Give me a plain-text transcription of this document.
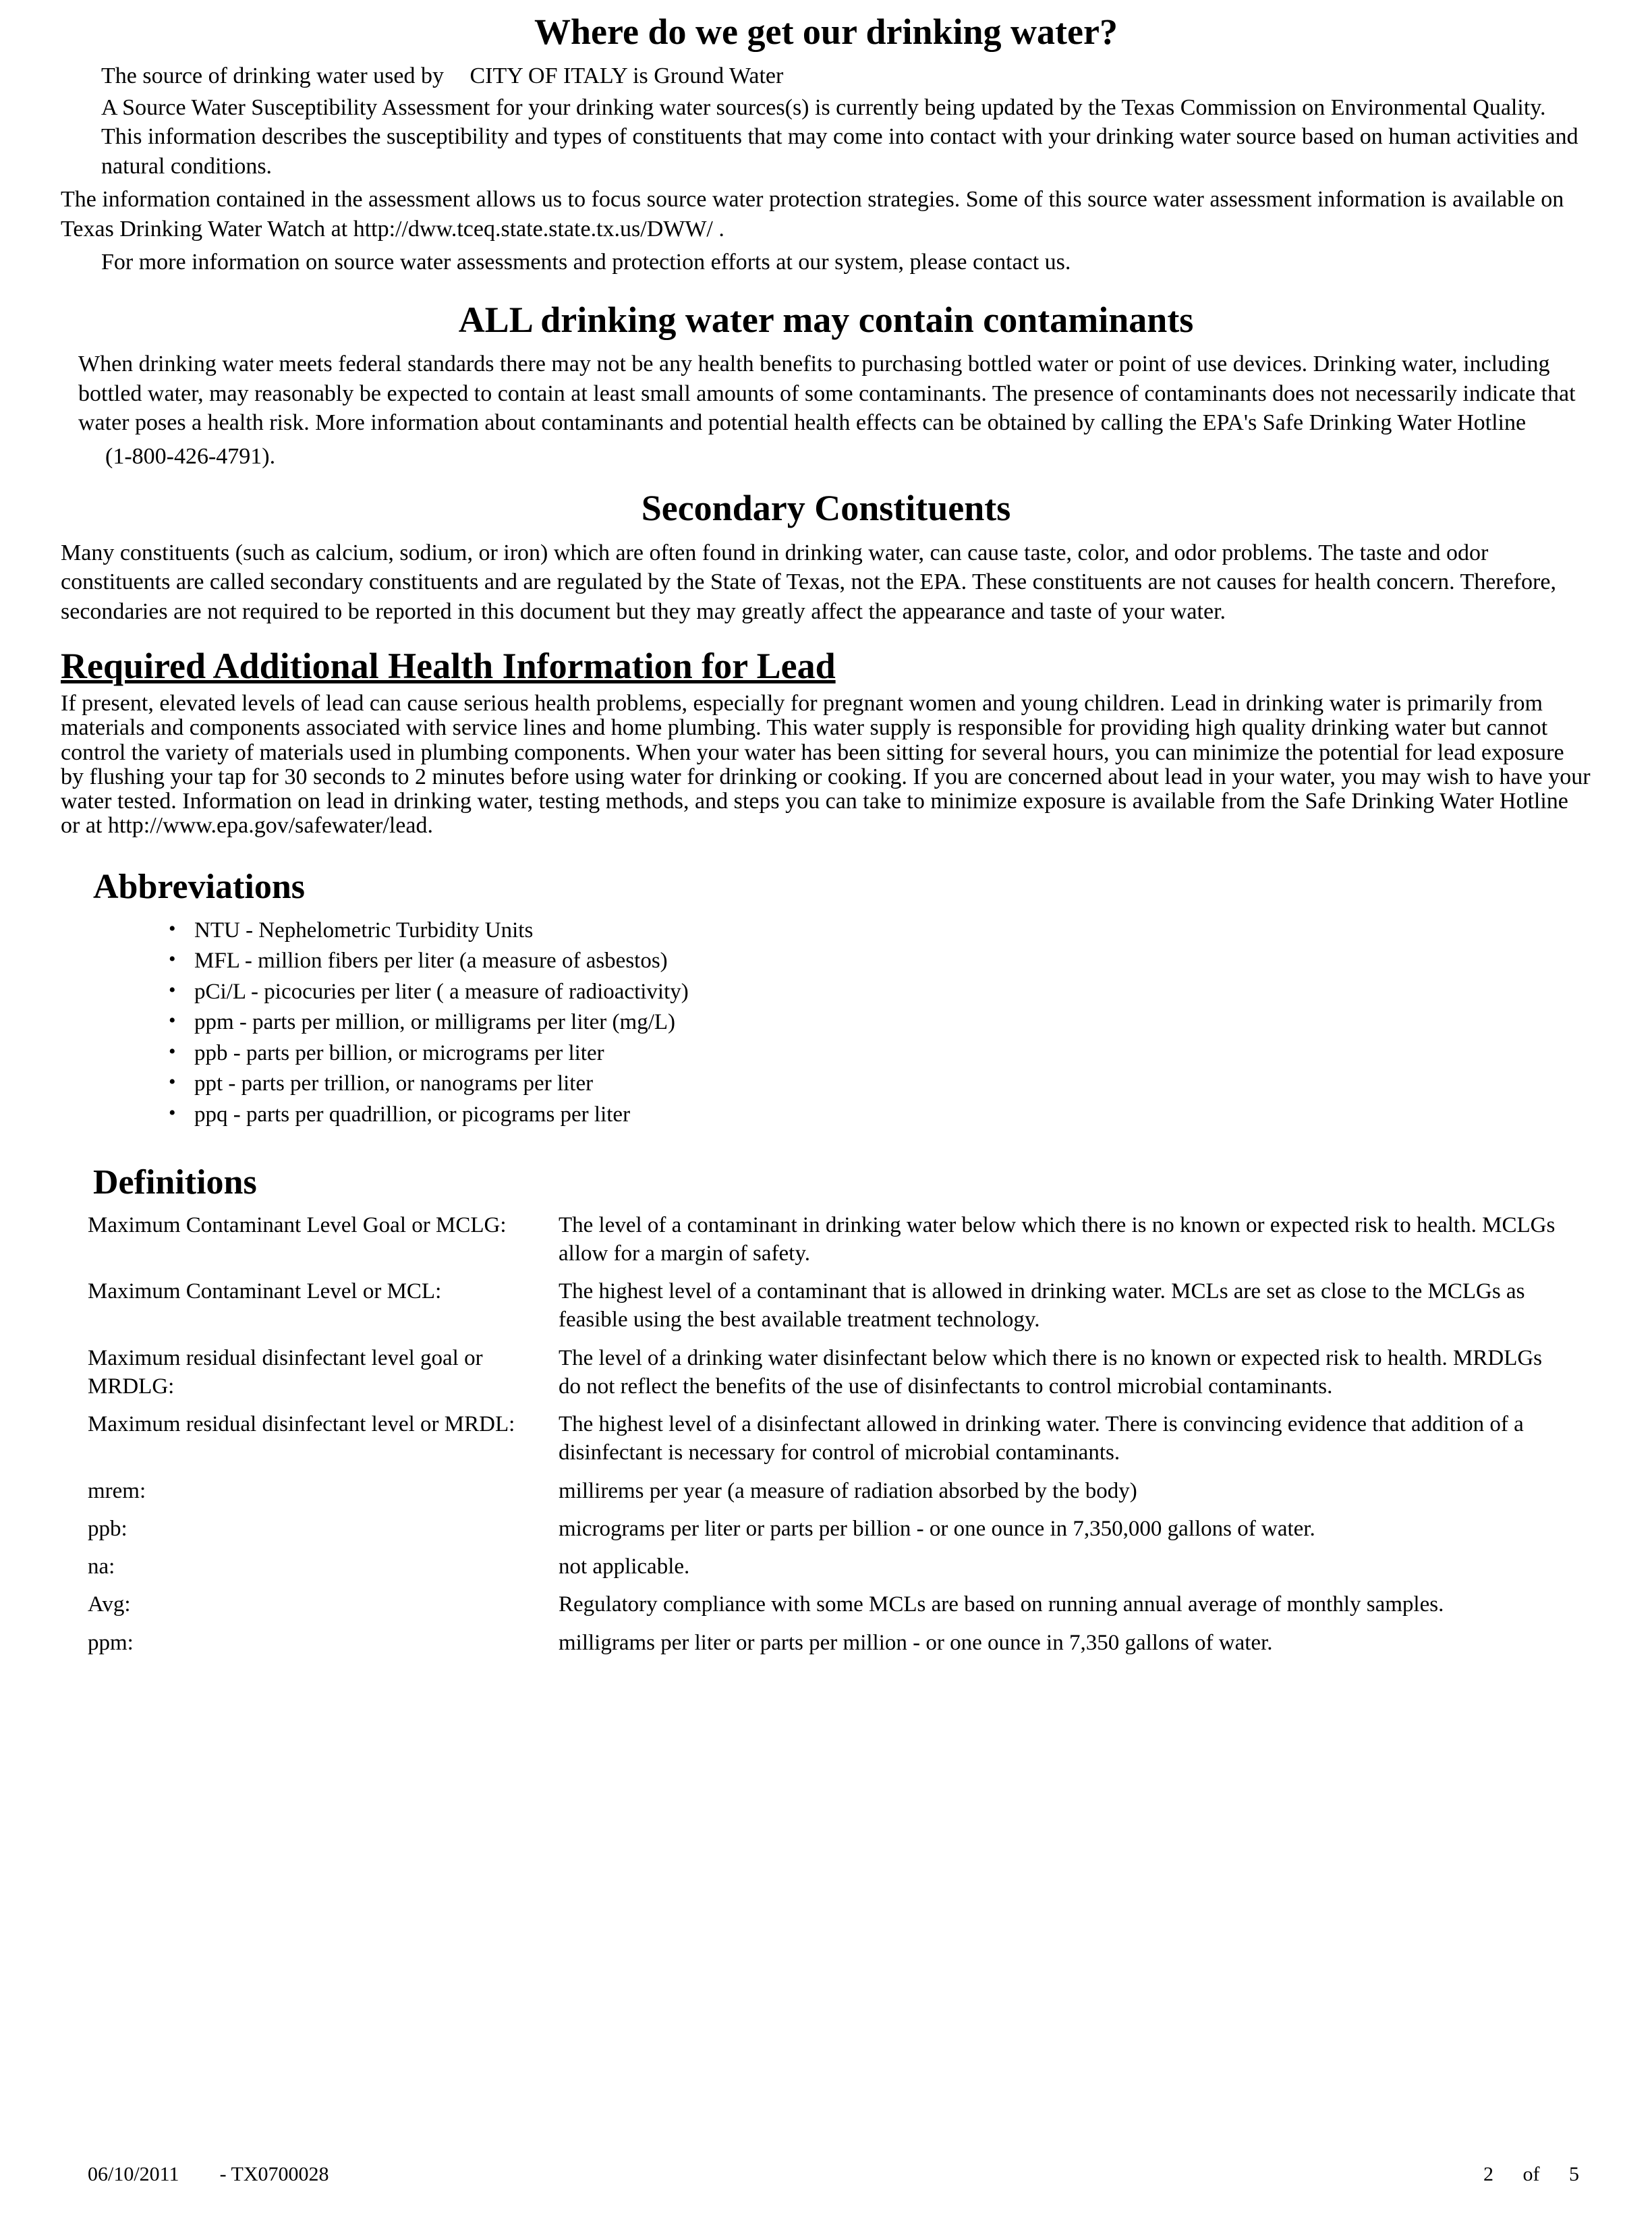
Where do we get our drinking water?
The source of drinking water used by CITY OF ITALY is Ground Water

A Source Water Susceptibility Assessment for your drinking water sources(s) is currently being updated by the Texas Commission on Environmental Quality. This information describes the susceptibility and types of constituents that may come into contact with your drinking water source based on human activities and natural conditions.

The information contained in the assessment allows us to focus source water protection strategies. Some of this source water assessment information is available on Texas Drinking Water Watch at http://dww.tceq.state.state.tx.us/DWW/ .

For more information on source water assessments and protection efforts at our system, please contact us.

ALL drinking water may contain contaminants

When drinking water meets federal standards there may not be any health benefits to purchasing bottled water or point of use devices. Drinking water, including bottled water, may reasonably be expected to contain at least small amounts of some contaminants. The presence of contaminants does not necessarily indicate that water poses a health risk. More information about contaminants and potential health effects can be obtained by calling the EPA's Safe Drinking Water Hotline

(1-800-426-4791).

Secondary Constituents

Many constituents (such as calcium, sodium, or iron) which are often found in drinking water, can cause taste, color, and odor problems. The taste and odor constituents are called secondary constituents and are regulated by the State of Texas, not the EPA. These constituents are not causes for health concern. Therefore, secondaries are not required to be reported in this document but they may greatly affect the appearance and taste of your water.

Required Additional Health Information for Lead

If present, elevated levels of lead can cause serious health problems, especially for pregnant women and young children. Lead in drinking water is primarily from materials and components associated with service lines and home plumbing. This water supply is responsible for providing high quality drinking water but cannot control the variety of materials used in plumbing components. When your water has been sitting for several hours, you can minimize the potential for lead exposure by flushing your tap for 30 seconds to 2 minutes before using water for drinking or cooking. If you are concerned about lead in your water, you may wish to have your water tested. Information on lead in drinking water, testing methods, and steps you can take to minimize exposure is available from the Safe Drinking Water Hotline or at http://www.epa.gov/safewater/lead.

Abbreviations
• NTU - Nephelometric Turbidity Units
• MFL - million fibers per liter (a measure of asbestos)
• pCi/L - picocuries per liter ( a measure of radioactivity)
• ppm - parts per million, or milligrams per liter (mg/L)
• ppb - parts per billion, or micrograms per liter
• ppt - parts per trillion, or nanograms per liter
• ppq - parts per quadrillion, or picograms per liter
Definitions
Maximum Contaminant Level Goal or MCLG:	The level of a contaminant in drinking water below which there is no known or expected risk to health. MCLGs allow for a margin of safety.
Maximum Contaminant Level or MCL:	The highest level of a contaminant that is allowed in drinking water. MCLs are set as close to the MCLGs as feasible using the best available treatment technology.
Maximum residual disinfectant level goal or MRDLG:	The level of a drinking water disinfectant below which there is no known or expected risk to health. MRDLGs do not reflect the benefits of the use of disinfectants to control microbial contaminants.
Maximum residual disinfectant level or MRDL:	The highest level of a disinfectant allowed in drinking water. There is convincing evidence that addition of a disinfectant is necessary for control of microbial contaminants.
mrem:	millirems per year (a measure of radiation absorbed by the body)
ppb:	micrograms per liter or parts per billion - or one ounce in 7,350,000 gallons of water.
na:	not applicable.
Avg:	Regulatory compliance with some MCLs are based on running annual average of monthly samples.
ppm:	milligrams per liter or parts per million - or one ounce in 7,350 gallons of water.
06/10/2011	- TX0700028	2 of 5
